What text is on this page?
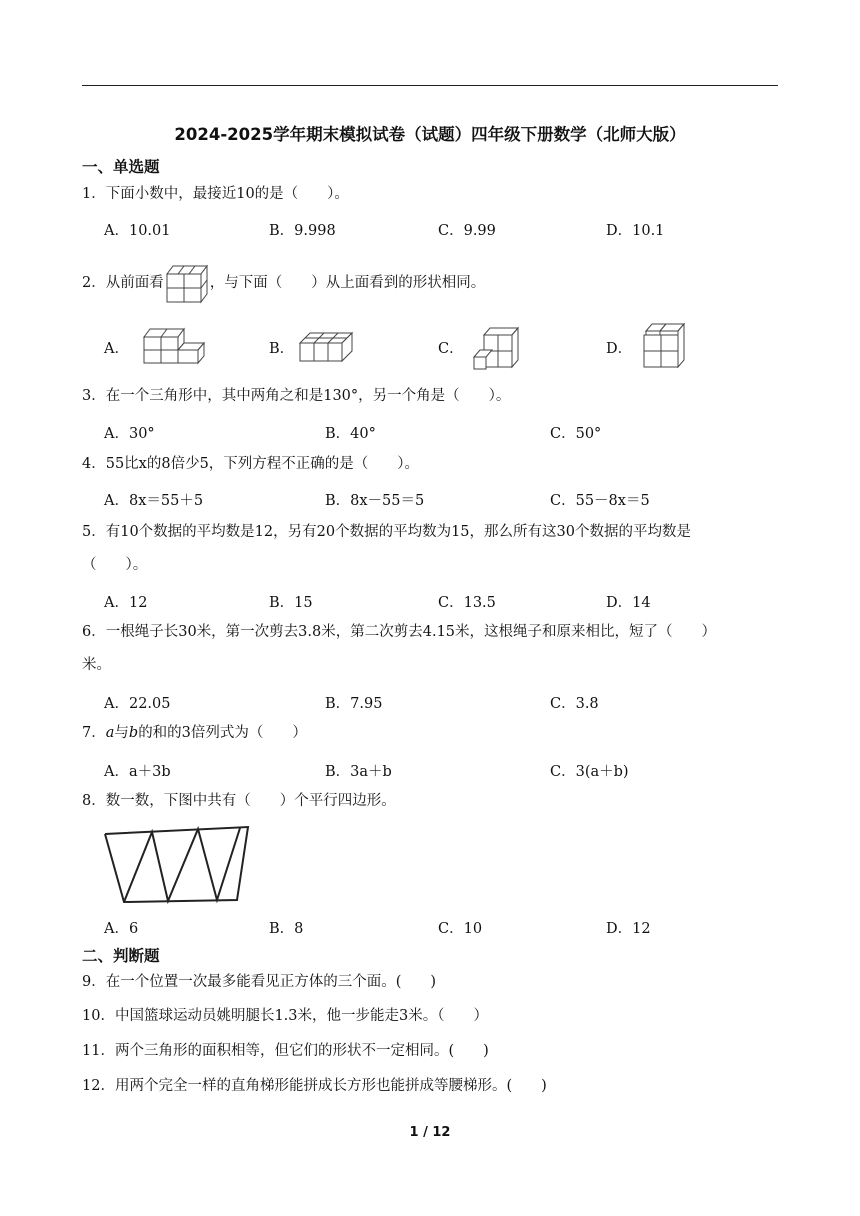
2024-2025学年期末模拟试卷（试题）四年级下册数学（北师大版）
一、单选题
1．下面小数中，最接近10的是（　　）。
A．10.01	B．9.998	C．9.99	D．10.1
2．从前面看	，与下面（　　）从上面看到的形状相同。
A．	B．	C．	D．
3．在一个三角形中，其中两角之和是130°，另一个角是（　　）。
A．30°	B．40°	C．50°
4．55比x的8倍少5，下列方程不正确的是（　　）。
A．8x＝55＋5	B．8x－55＝5	C．55－8x＝5
5．有10个数据的平均数是12，另有20个数据的平均数为15，那么所有这30个数据的平均数是
（　　）。
A．12	B．15	C．13.5	D．14
6．一根绳子长30米，第一次剪去3.8米，第二次剪去4.15米，这根绳子和原来相比，短了（　　）
米。
A．22.05	B．7.95	C．3.8
7．a与b的和的3倍列式为（　　）
A．a＋3b	B．3a＋b	C．3(a＋b)
8．数一数，下图中共有（　　）个平行四边形。
A．6	B．8	C．10	D．12
二、判断题
9．在一个位置一次最多能看见正方体的三个面。(　　)
10．中国篮球运动员姚明腿长1.3米，他一步能走3米。（　　）
11．两个三角形的面积相等，但它们的形状不一定相同。(　　)
12．用两个完全一样的直角梯形能拼成长方形也能拼成等腰梯形。(　　)
1 / 12
